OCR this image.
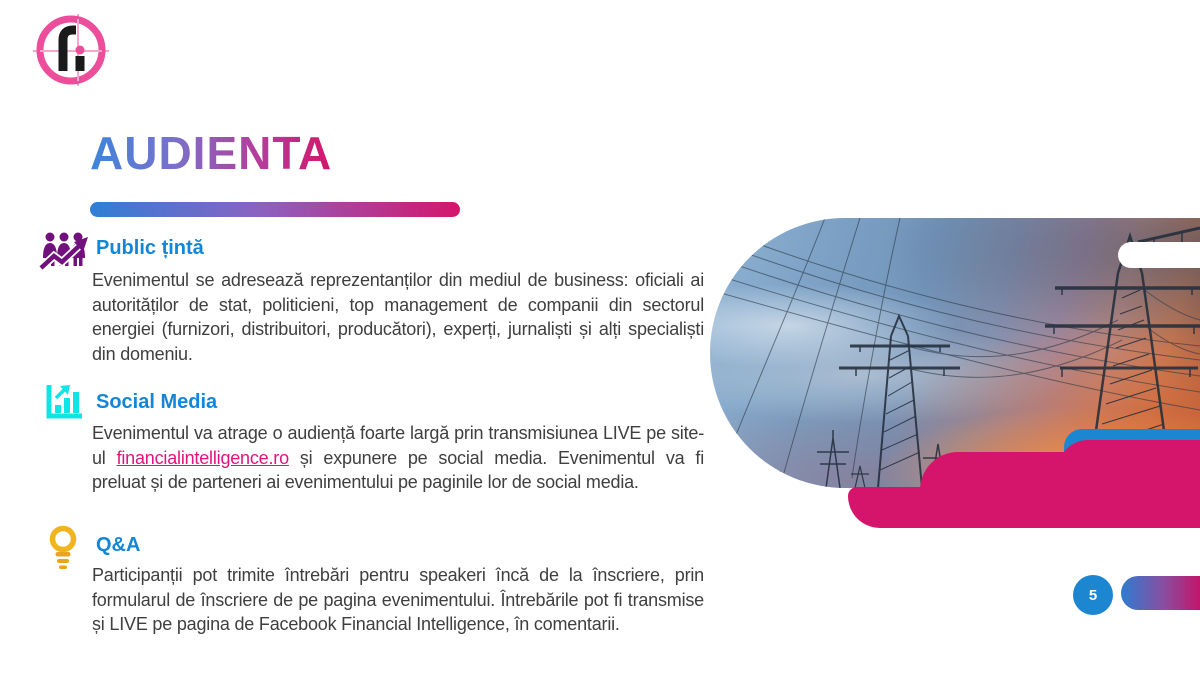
AUDIENTA
Public țintă

Evenimentul se adresează reprezentanților din mediul de business: oficiali ai autorităților de stat, politicieni, top management de companii din sectorul energiei (furnizori, distribuitori, producători), experți, jurnaliști și alți specialiști din domeniu.

Social Media

Evenimentul va atrage o audiență foarte largă prin transmisiunea LIVE pe site-ul financialintelligence.ro și expunere pe social media. Evenimentul va fi preluat și de parteneri ai evenimentului pe paginile lor de social media.

Q&A

Participanții pot trimite întrebări pentru speakeri încă de la înscriere, prin formularul de înscriere de pe pagina evenimentului. Întrebările pot fi transmise și LIVE pe pagina de Facebook Financial Intelligence, în comentarii.

5
